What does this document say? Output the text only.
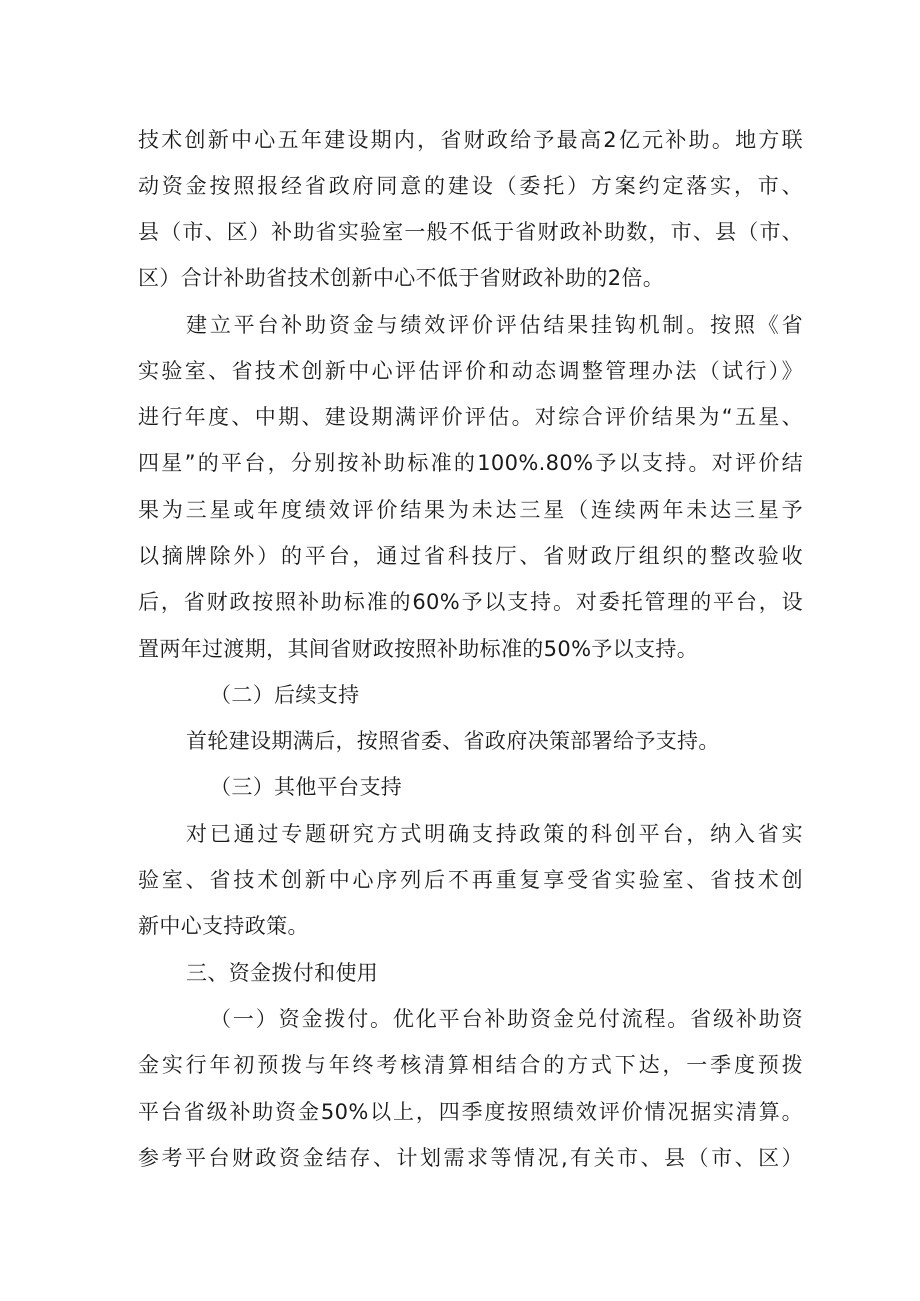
技术创新中心五年建设期内，省财政给予最高2亿元补助。地方联
动资金按照报经省政府同意的建设（委托）方案约定落实，市、
县（市、区）补助省实验室一般不低于省财政补助数，市、县（市、
区）合计补助省技术创新中心不低于省财政补助的2倍。
建立平台补助资金与绩效评价评估结果挂钩机制。按照《省
实验室、省技术创新中心评估评价和动态调整管理办法（试行）》
进行年度、中期、建设期满评价评估。对综合评价结果为“五星、
四星”的平台，分别按补助标准的100%.80%予以支持。对评价结
果为三星或年度绩效评价结果为未达三星（连续两年未达三星予
以摘牌除外）的平台，通过省科技厅、省财政厅组织的整改验收
后，省财政按照补助标准的60%予以支持。对委托管理的平台，设
置两年过渡期，其间省财政按照补助标准的50%予以支持。
（二）后续支持
首轮建设期满后，按照省委、省政府决策部署给予支持。
（三）其他平台支持
对已通过专题研究方式明确支持政策的科创平台，纳入省实
验室、省技术创新中心序列后不再重复享受省实验室、省技术创
新中心支持政策。
三、资金拨付和使用
（一）资金拨付。优化平台补助资金兑付流程。省级补助资
金实行年初预拨与年终考核清算相结合的方式下达，一季度预拨
平台省级补助资金50%以上，四季度按照绩效评价情况据实清算。
参考平台财政资金结存、计划需求等情况,有关市、县（市、区）
